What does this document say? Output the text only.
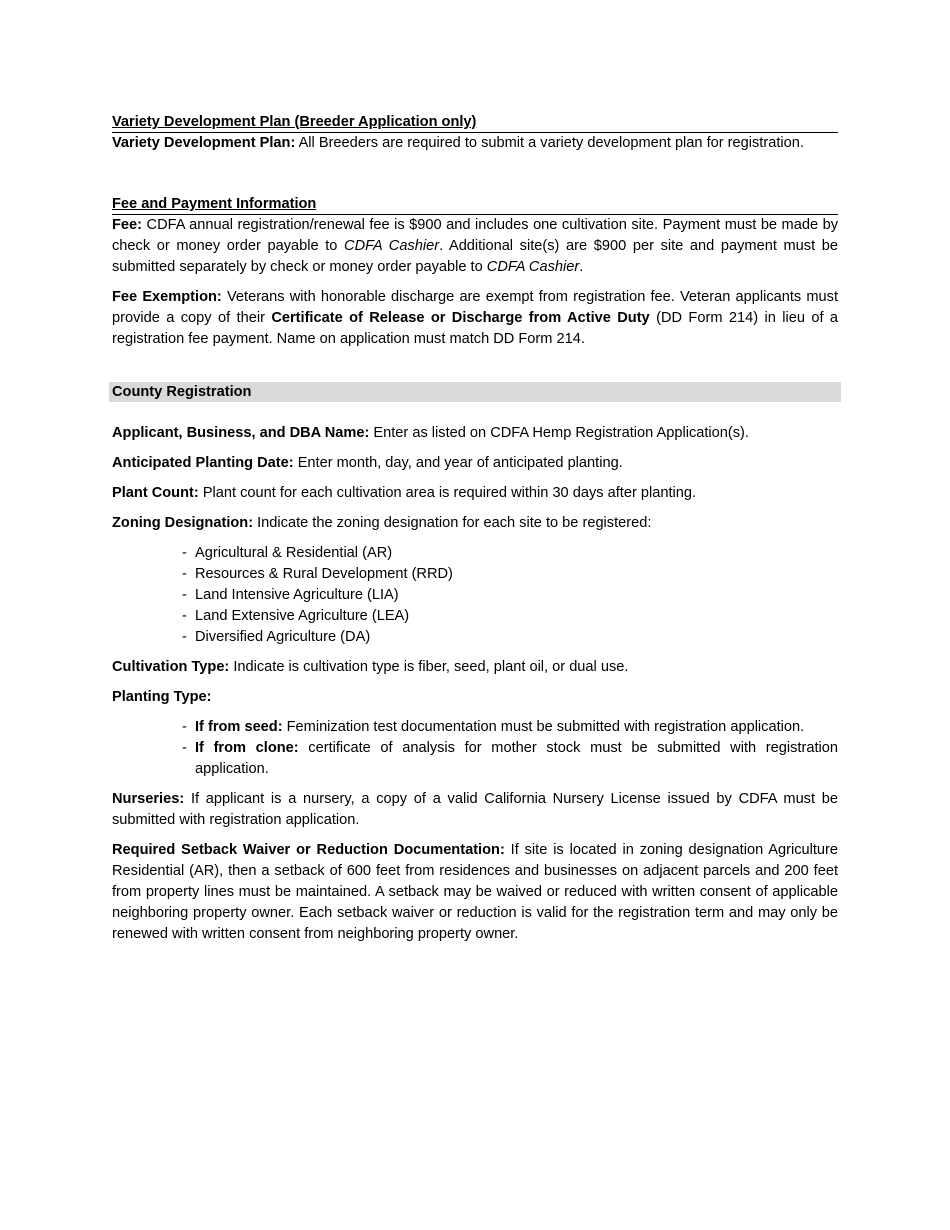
Variety Development Plan (Breeder Application only)

Variety Development Plan: All Breeders are required to submit a variety development plan for registration.

Fee and Payment Information

Fee: CDFA annual registration/renewal fee is $900 and includes one cultivation site. Payment must be made by check or money order payable to CDFA Cashier. Additional site(s) are $900 per site and payment must be submitted separately by check or money order payable to CDFA Cashier.

Fee Exemption: Veterans with honorable discharge are exempt from registration fee. Veteran applicants must provide a copy of their Certificate of Release or Discharge from Active Duty (DD Form 214) in lieu of a registration fee payment. Name on application must match DD Form 214.

County Registration

Applicant, Business, and DBA Name: Enter as listed on CDFA Hemp Registration Application(s).

Anticipated Planting Date: Enter month, day, and year of anticipated planting.

Plant Count: Plant count for each cultivation area is required within 30 days after planting.

Zoning Designation: Indicate the zoning designation for each site to be registered:

- Agricultural & Residential (AR)
- Resources & Rural Development (RRD)
- Land Intensive Agriculture (LIA)
- Land Extensive Agriculture (LEA)
- Diversified Agriculture (DA)

Cultivation Type: Indicate is cultivation type is fiber, seed, plant oil, or dual use.

Planting Type:

- If from seed: Feminization test documentation must be submitted with registration application.
- If from clone: certificate of analysis for mother stock must be submitted with registration application.

Nurseries: If applicant is a nursery, a copy of a valid California Nursery License issued by CDFA must be submitted with registration application.

Required Setback Waiver or Reduction Documentation: If site is located in zoning designation Agriculture Residential (AR), then a setback of 600 feet from residences and businesses on adjacent parcels and 200 feet from property lines must be maintained. A setback may be waived or reduced with written consent of applicable neighboring property owner. Each setback waiver or reduction is valid for the registration term and may only be renewed with written consent from neighboring property owner.
